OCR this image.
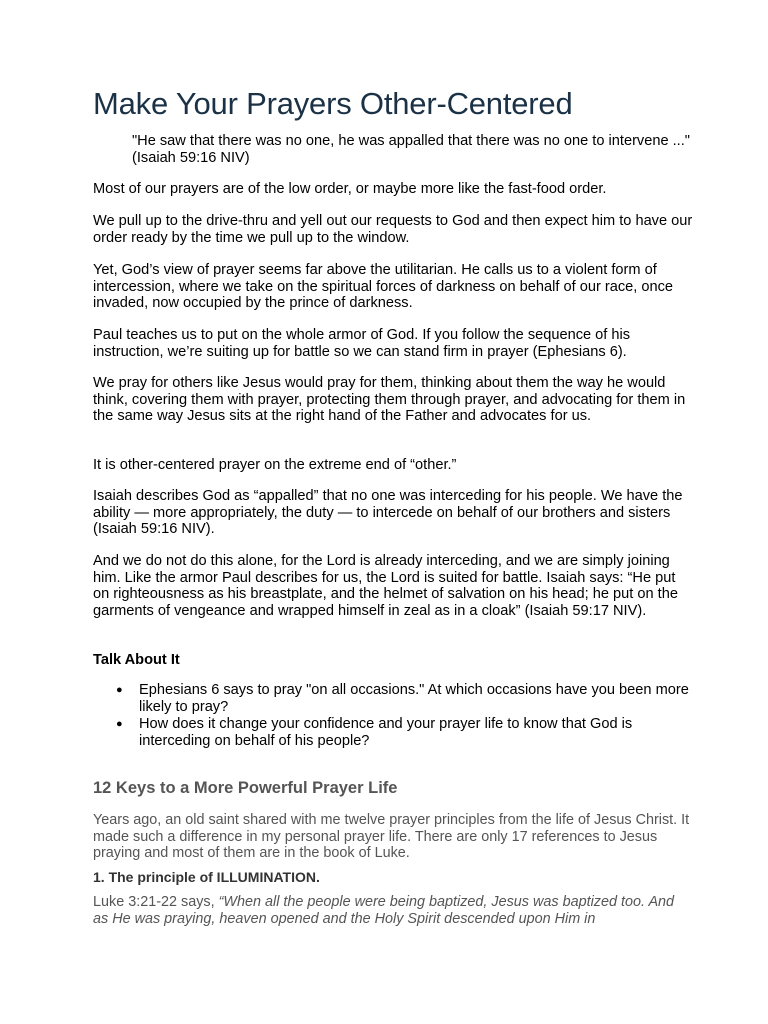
Make Your Prayers Other-Centered

"He saw that there was no one, he was appalled that there was no one to intervene ..." (Isaiah 59:16 NIV)

Most of our prayers are of the low order, or maybe more like the fast-food order.

We pull up to the drive-thru and yell out our requests to God and then expect him to have our order ready by the time we pull up to the window.

Yet, God’s view of prayer seems far above the utilitarian. He calls us to a violent form of intercession, where we take on the spiritual forces of darkness on behalf of our race, once invaded, now occupied by the prince of darkness.

Paul teaches us to put on the whole armor of God. If you follow the sequence of his instruction, we’re suiting up for battle so we can stand firm in prayer (Ephesians 6).

We pray for others like Jesus would pray for them, thinking about them the way he would think, covering them with prayer, protecting them through prayer, and advocating for them in the same way Jesus sits at the right hand of the Father and advocates for us.

It is other-centered prayer on the extreme end of “other.”

Isaiah describes God as “appalled” that no one was interceding for his people. We have the ability — more appropriately, the duty — to intercede on behalf of our brothers and sisters (Isaiah 59:16 NIV).

And we do not do this alone, for the Lord is already interceding, and we are simply joining him. Like the armor Paul describes for us, the Lord is suited for battle. Isaiah says: “He put on righteousness as his breastplate, and the helmet of salvation on his head; he put on the garments of vengeance and wrapped himself in zeal as in a cloak” (Isaiah 59:17 NIV).

Talk About It

● Ephesians 6 says to pray "on all occasions." At which occasions have you been more likely to pray?
● How does it change your confidence and your prayer life to know that God is interceding on behalf of his people?
12 Keys to a More Powerful Prayer Life

Years ago, an old saint shared with me twelve prayer principles from the life of Jesus Christ. It made such a difference in my personal prayer life. There are only 17 references to Jesus praying and most of them are in the book of Luke.

1. The principle of ILLUMINATION.

Luke 3:21-22 says, “When all the people were being baptized, Jesus was baptized too. And as He was praying, heaven opened and the Holy Spirit descended upon Him in
